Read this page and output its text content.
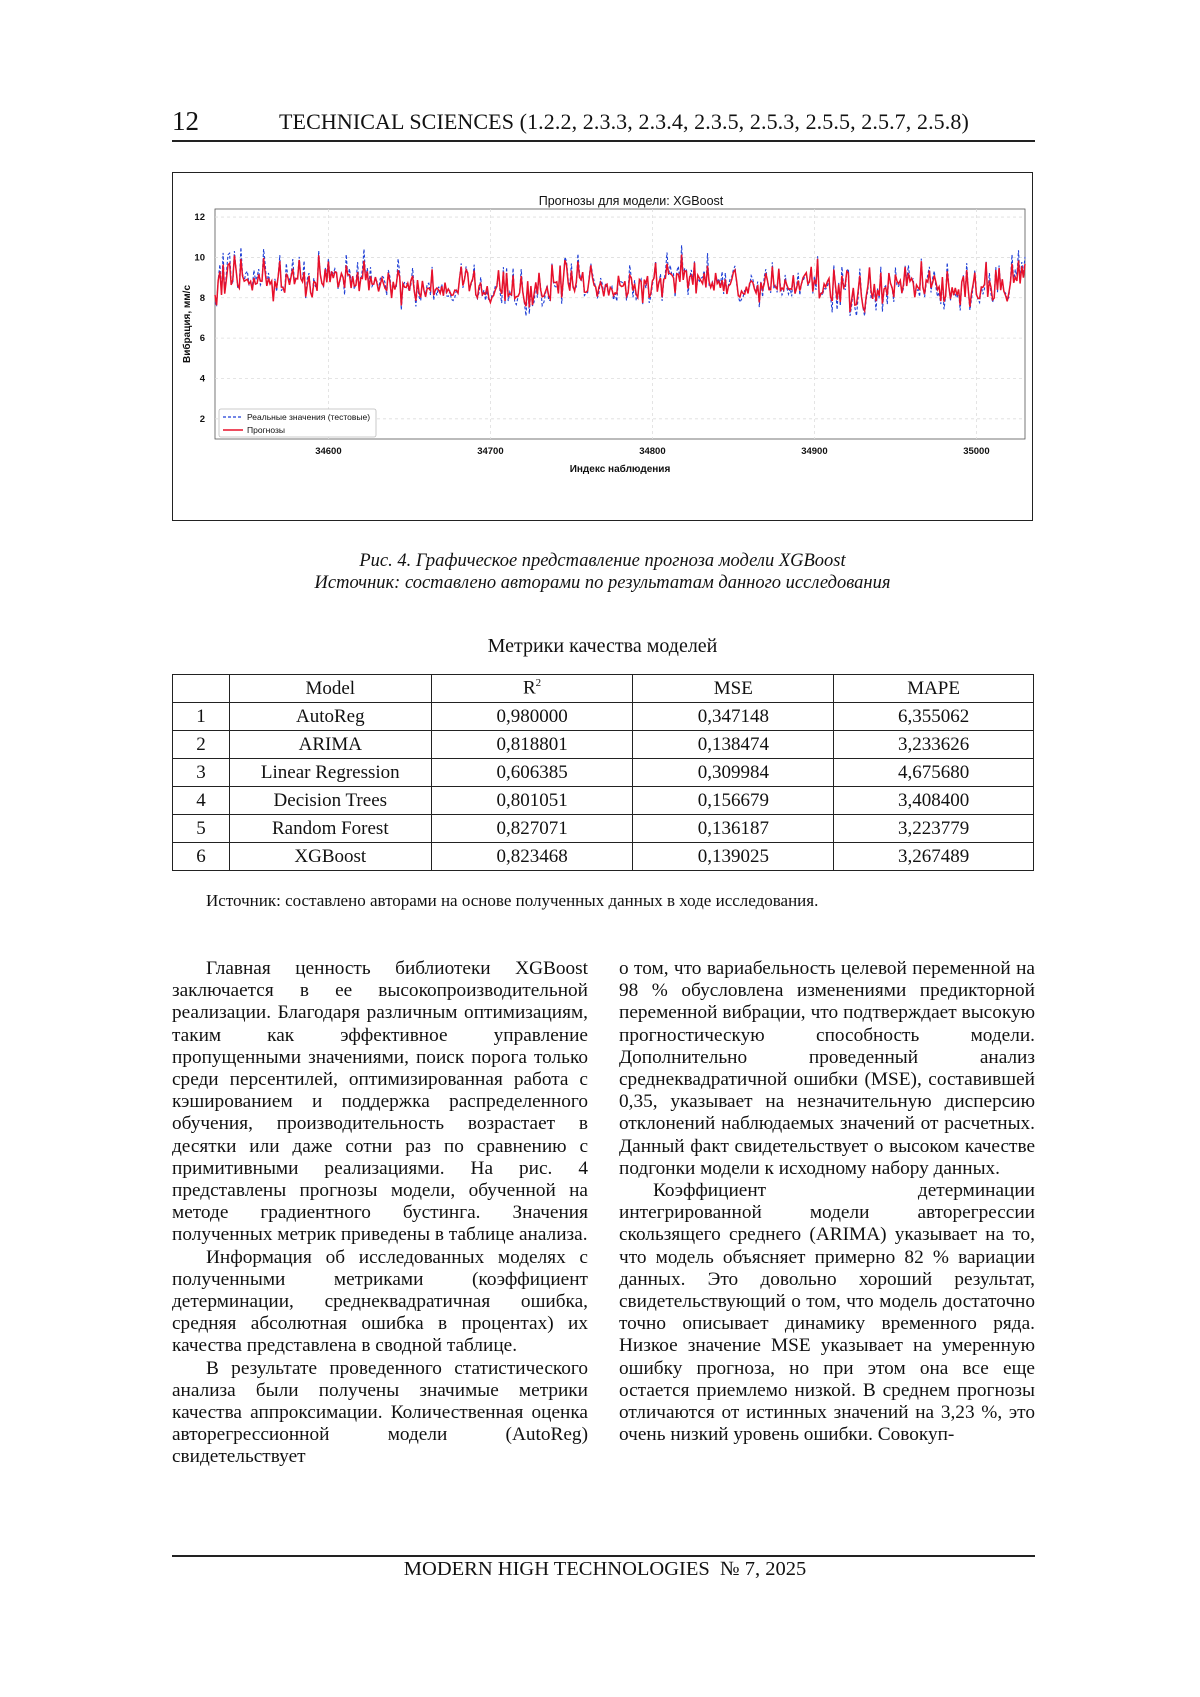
12	TECHNICAL SCIENCES (1.2.2, 2.3.3, 2.3.4, 2.3.5, 2.5.3, 2.5.5, 2.5.7, 2.5.8)
Прогнозы для модели: XGBoost
34600	34700	34800	34900	35000
2
4
6
8
10
12
Индекс наблюдения
Вибрация, мм/с
Реальные значения (тестовые)
Прогнозы
Рис. 4. Графическое представление прогноза модели XGBoost
Источник: составлено авторами по результатам данного исследования
Метрики качества моделей
	Model	$R^2$	MSE	MAPE
1	AutoReg	0,980000	0,347148	6,355062
2	ARIMA	0,818801	0,138474	3,233626
3	Linear Regression	0,606385	0,309984	4,675680
4	Decision Trees	0,801051	0,156679	3,408400
5	Random Forest	0,827071	0,136187	3,223779
6	XGBoost	0,823468	0,139025	3,267489
Источник: составлено авторами на основе полученных данных в ходе исследования.

Главная ценность библиотеки XGBoost заключается в ее высокопроизводительной реализации. Благодаря различным оптимизациям, таким как эффективное управление пропущенными значениями, поиск порога только среди персентилей, оптимизированная работа с кэшированием и поддержка распределенного обучения, производительность возрастает в десятки или даже сотни раз по сравнению с примитивными реализациями. На рис. 4 представлены прогнозы модели, обученной на методе градиентного бустинга. Значения полученных метрик приведены в таблице анализа.

Информация об исследованных моделях с полученными метриками (коэффициент детерминации, среднеквадратичная ошибка, средняя абсолютная ошибка в процентах) их качества представлена в сводной таблице.

В результате проведенного статистического анализа были получены значимые метрики качества аппроксимации. Количественная оценка авторегрессионной модели (AutoReg) свидетельствует

о том, что вариабельность целевой переменной на 98 % обусловлена изменениями предикторной переменной вибрации, что подтверждает высокую прогностическую способность модели. Дополнительно проведенный анализ среднеквадратичной ошибки (MSE), составившей 0,35, указывает на незначительную дисперсию отклонений наблюдаемых значений от расчетных. Данный факт свидетельствует о высоком качестве подгонки модели к исходному набору данных.

Коэффициент детерминации интегрированной модели авторегрессии скользящего среднего (ARIMA) указывает на то, что модель объясняет примерно 82 % вариации данных. Это довольно хороший результат, свидетельствующий о том, что модель достаточно точно описывает динамику временного ряда. Низкое значение MSE указывает на умеренную ошибку прогноза, но при этом она все еще остается приемлемо низкой. В среднем прогнозы отличаются от истинных значений на 3,23 %, это очень низкий уровень ошибки. Совокуп-

MODERN HIGH TECHNOLOGIES № 7, 2025
